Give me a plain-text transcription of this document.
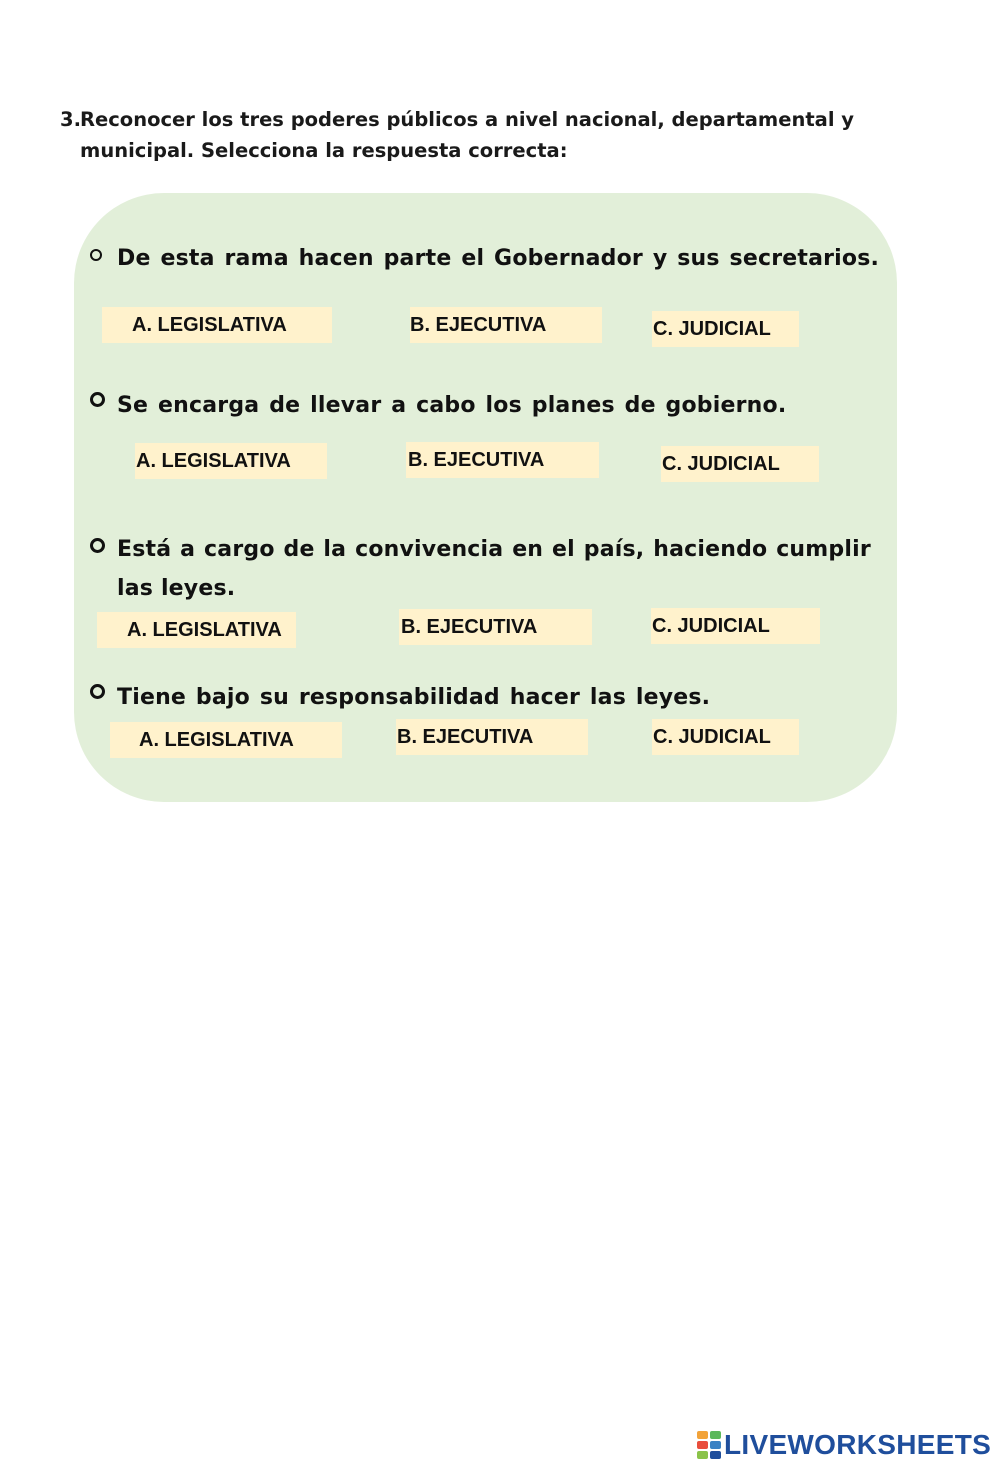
3. Reconocer los tres poderes públicos a nivel nacional, departamental y municipal. Selecciona la respuesta correcta:
De esta rama hacen parte el Gobernador y sus secretarios.
A. LEGISLATIVA	B. EJECUTIVA	C. JUDICIAL
Se encarga de llevar a cabo los planes de gobierno.
A. LEGISLATIVA	B. EJECUTIVA	C. JUDICIAL
Está a cargo de la convivencia en el país, haciendo cumplir
las leyes.
A. LEGISLATIVA	B. EJECUTIVA	C. JUDICIAL
Tiene bajo su responsabilidad hacer las leyes.
A. LEGISLATIVA	B. EJECUTIVA	C. JUDICIAL
LIVEWORKSHEETS
